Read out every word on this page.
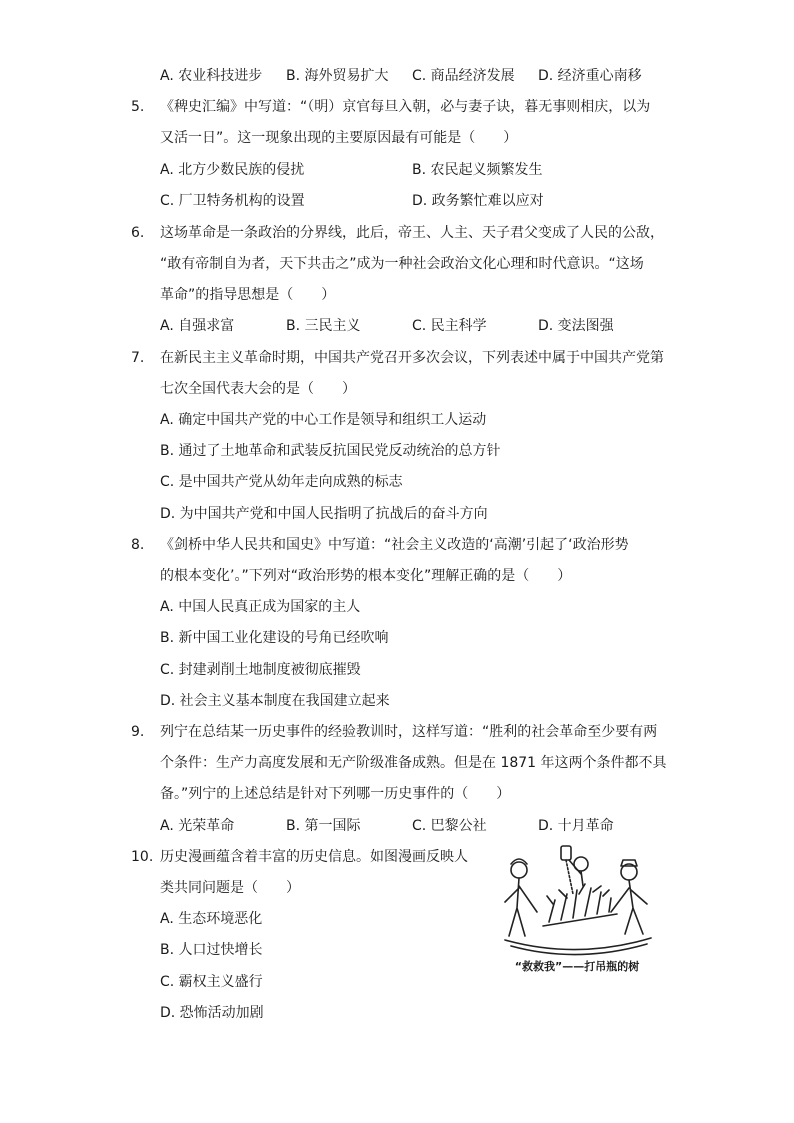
A. 农业科技进步 B. 海外贸易扩大 C. 商品经济发展 D. 经济重心南移
5. 《稗史汇编》中写道：“（明）京官每旦入朝，必与妻子诀，暮无事则相庆，以为
又活一日”。这一现象出现的主要原因最有可能是（　　）
A. 北方少数民族的侵扰	B. 农民起义频繁发生
C. 厂卫特务机构的设置	D. 政务繁忙难以应对
6. 这场革命是一条政治的分界线，此后，帝王、人主、天子君父变成了人民的公敌，
“敢有帝制自为者，天下共击之”成为一种社会政治文化心理和时代意识。“这场
革命”的指导思想是（　　）
A. 自强求富	B. 三民主义	C. 民主科学	D. 变法图强
7. 在新民主主义革命时期，中国共产党召开多次会议，下列表述中属于中国共产党第
七次全国代表大会的是（　　）
A. 确定中国共产党的中心工作是领导和组织工人运动
B. 通过了土地革命和武装反抗国民党反动统治的总方针
C. 是中国共产党从幼年走向成熟的标志
D. 为中国共产党和中国人民指明了抗战后的奋斗方向
8. 《剑桥中华人民共和国史》中写道：“社会主义改造的‘高潮’引起了‘政治形势
的根本变化’。”下列对“政治形势的根本变化”理解正确的是（　　）
A. 中国人民真正成为国家的主人
B. 新中国工业化建设的号角已经吹响
C. 封建剥削土地制度被彻底摧毁
D. 社会主义基本制度在我国建立起来
9. 列宁在总结某一历史事件的经验教训时，这样写道：“胜利的社会革命至少要有两
个条件：生产力高度发展和无产阶级准备成熟。但是在 1871 年这两个条件都不具
备。”列宁的上述总结是针对下列哪一历史事件的（　　）
A. 光荣革命	B. 第一国际	C. 巴黎公社	D. 十月革命
10. 历史漫画蕴含着丰富的历史信息。如图漫画反映人
类共同问题是（　　）
A. 生态环境恶化
B. 人口过快增长
C. 霸权主义盛行
D. 恐怖活动加剧
“救救我”——打吊瓶的树
